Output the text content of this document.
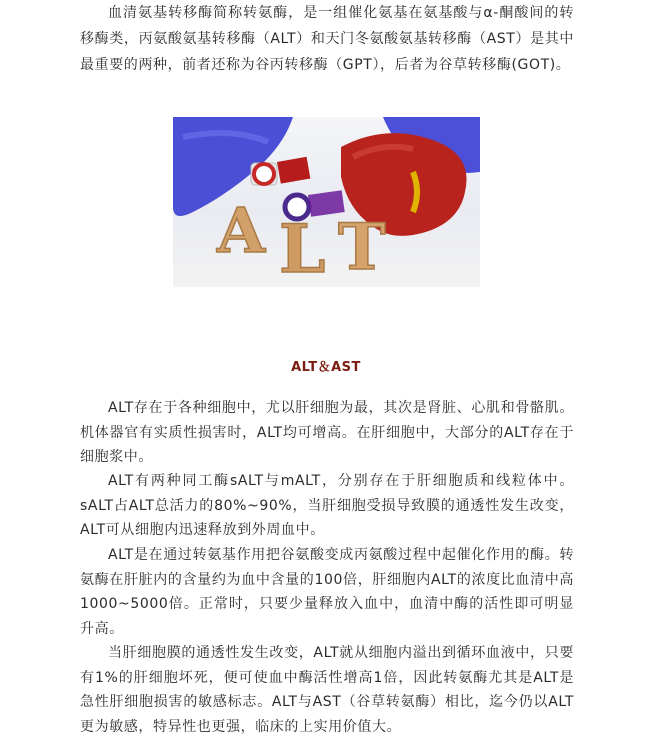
血清氨基转移酶简称转氨酶，是一组催化氨基在氨基酸与α-酮酸间的转移酶类，丙氨酸氨基转移酶（ALT）和天门冬氨酸氨基转移酶（AST）是其中最重要的两种，前者还称为谷丙转移酶（GPT），后者为谷草转移酶(GOT)。

A L T
ALT＆AST

ALT存在于各种细胞中，尤以肝细胞为最，其次是肾脏、心肌和骨骼肌。机体器官有实质性损害时，ALT均可增高。在肝细胞中，大部分的ALT存在于细胞浆中。

ALT有两种同工酶sALT与mALT，分别存在于肝细胞质和线粒体中。sALT占ALT总活力的80%~90%，当肝细胞受损导致膜的通透性发生改变，ALT可从细胞内迅速释放到外周血中。

ALT是在通过转氨基作用把谷氨酸变成丙氨酸过程中起催化作用的酶。转氨酶在肝脏内的含量约为血中含量的100倍，肝细胞内ALT的浓度比血清中高1000~5000倍。正常时，只要少量释放入血中，血清中酶的活性即可明显升高。

当肝细胞膜的通透性发生改变，ALT就从细胞内溢出到循环血液中，只要有1%的肝细胞坏死，便可使血中酶活性增高1倍，因此转氨酶尤其是ALT是急性肝细胞损害的敏感标志。ALT与AST（谷草转氨酶）相比，迄今仍以ALT更为敏感，特异性也更强，临床的上实用价值大。
